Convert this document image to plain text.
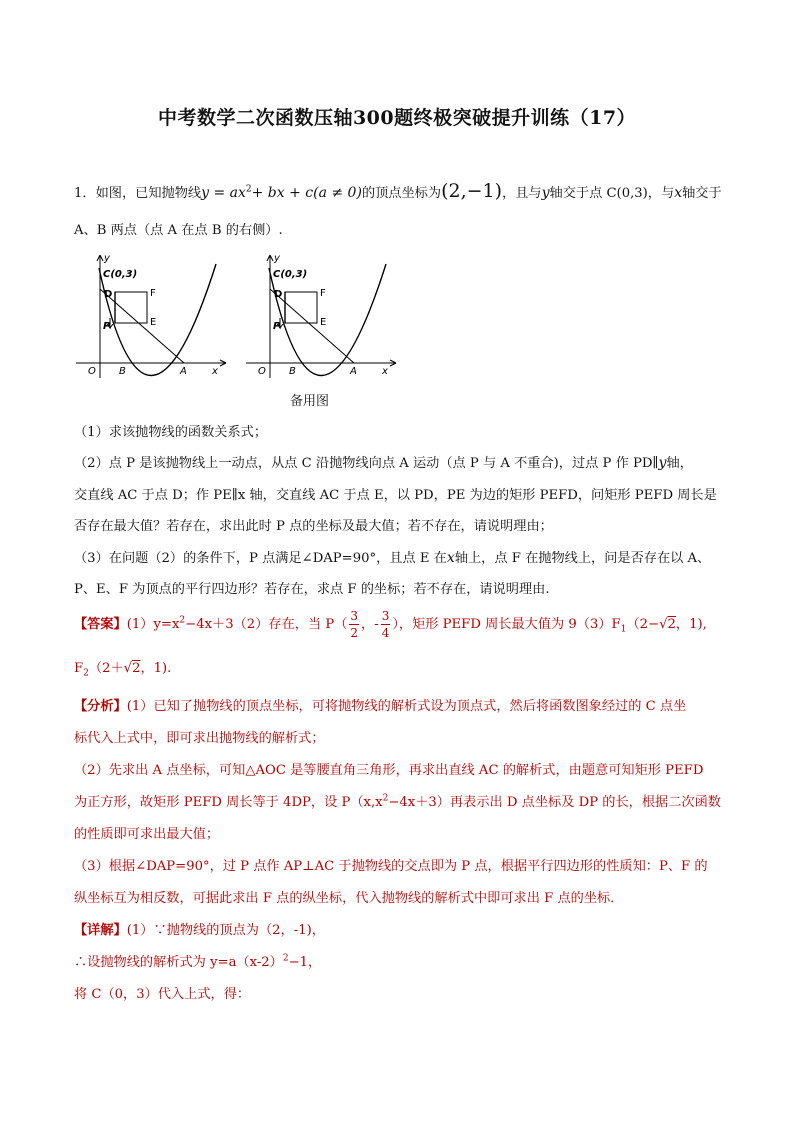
中考数学二次函数压轴300题终极突破提升训练（17）
1．如图，已知抛物线$y = ax^2+$ bx + c(a ≠ 0)的顶点坐标为(2,−1)，且与y轴交于点 C(0,3)，与x轴交于
A、B 两点（点 A 在点 B 的右侧）.
y
C(0,3)
D	F
E
P
O B	A	x
y
C(0,3)
D	F
E
P
O B	A	x
备用图
（1）求该抛物线的函数关系式；
（2）点 P 是该抛物线上一动点，从点 C 沿抛物线向点 A 运动（点 P 与 A 不重合)，过点 P 作 PD∥y轴，
交直线 AC 于点 D；作 PE∥x 轴，交直线 AC 于点 E，以 PD，PE 为边的矩形 PEFD，问矩形 PEFD 周长是
否存在最大值？若存在，求出此时 P 点的坐标及最大值；若不存在，请说明理由；
（3）在问题（2）的条件下，P 点满足∠DAP=90°，且点 E 在x轴上，点 F 在抛物线上，问是否存在以 A、
P、E、F 为顶点的平行四边形？若存在，求点 F 的坐标；若不存在，请说明理由.
【答案】$(1)y=x^2-4x+3(2)$存在，当 $P( \frac{3}{2}$ ，- $\frac{3}{4}$ ），矩形 PEFD 周长最大值为 $9(3)F_1(2-√2$，1),
$F_2(2+√2$，1).
【分析】(1）已知了抛物线的顶点坐标，可将抛物线的解析式设为顶点式，然后将函数图象经过的 C 点坐
标代入上式中，即可求出抛物线的解析式；
（2）先求出 A 点坐标，可知△AOC 是等腰直角三角形，再求出直线 AC 的解析式，由题意可知矩形 PEFD
为正方形，故矩形 PEFD 周长等于 4DP，设 $P(x,x^2-4x+3)$再表示出 D 点坐标及 DP 的长，根据二次函数
的性质即可求出最大值；
（3）根据∠DAP=90°，过 P 点作 AP⊥AC 于抛物线的交点即为 P 点，根据平行四边形的性质知：P、F 的
纵坐标互为相反数，可据此求出 F 点的纵坐标，代入抛物线的解析式中即可求出 F 点的坐标．
【详解】(1）∵抛物线的顶点为（2，-1)，
∴设抛物线的解析式为 $y=a(x-2)^2-1$，
将 C（0，3）代入上式，得：
